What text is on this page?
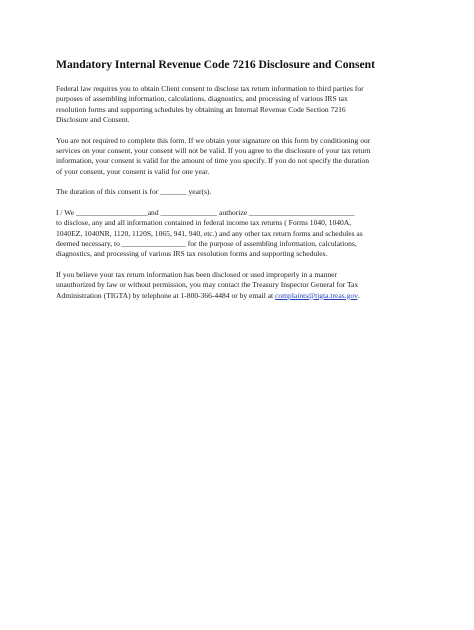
Mandatory Internal Revenue Code 7216 Disclosure and Consent
Federal law requires you to obtain Client consent to disclose tax return information to third parties for
purposes of assembling information, calculations, diagnostics, and processing of various IRS tax
resolution forms and supporting schedules by obtaining an Internal Revenue Code Section 7216
Disclosure and Consent.
You are not required to complete this form. If we obtain your signature on this form by conditioning our
services on your consent, your consent will not be valid. If you agree to the disclosure of your tax return
information, your consent is valid for the amount of time you specify. If you do not specify the duration
of your consent, your consent is valid for one year.
The duration of this consent is for _______ year(s).
I / We ___________________and _______________ authorize ____________________________
to disclose, any and all information contained in federal income tax returns ( Forms 1040, 1040A,
1040EZ, 1040NR, 1120, 1120S, 1065, 941, 940, etc.) and any other tax return forms and schedules as
deemed necessary, to _________________ for the purpose of assembling information, calculations,
diagnostics, and processing of various IRS tax resolution forms and supporting schedules.
If you believe your tax return information has been disclosed or used improperly in a manner
unauthorized by law or without permission, you may contact the Treasury Inspector General for Tax
Administration (TIGTA) by telephone at 1-800-366-4484 or by email at complaints@tigta.treas.gov.
